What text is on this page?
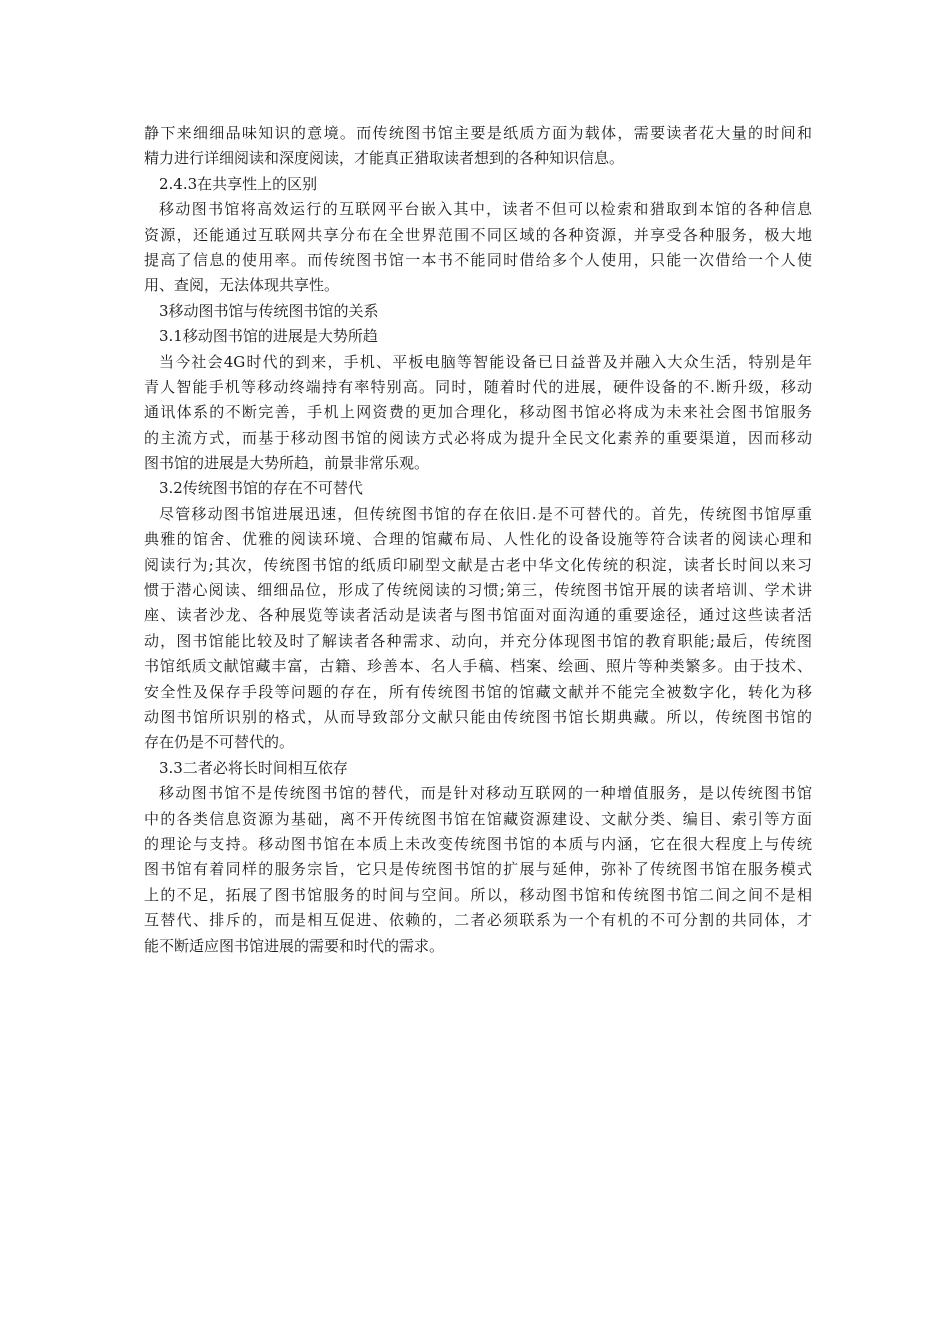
静下来细细品味知识的意境。而传统图书馆主要是纸质方面为载体，需要读者花大量的时间和
精力进行详细阅读和深度阅读，才能真正猎取读者想到的各种知识信息。
2.4.3在共享性上的区别
移动图书馆将高效运行的互联网平台嵌入其中，读者不但可以检索和猎取到本馆的各种信息
资源，还能通过互联网共享分布在全世界范围不同区域的各种资源，并享受各种服务，极大地
提高了信息的使用率。而传统图书馆一本书不能同时借给多个人使用，只能一次借给一个人使
用、查阅，无法体现共享性。
3移动图书馆与传统图书馆的关系
3.1移动图书馆的进展是大势所趋
当今社会4G时代的到来，手机、平板电脑等智能设备已日益普及并融入大众生活，特别是年
青人智能手机等移动终端持有率特别高。同时，随着时代的进展，硬件设备的不.断升级，移动
通讯体系的不断完善，手机上网资费的更加合理化，移动图书馆必将成为未来社会图书馆服务
的主流方式，而基于移动图书馆的阅读方式必将成为提升全民文化素养的重要渠道，因而移动
图书馆的进展是大势所趋，前景非常乐观。
3.2传统图书馆的存在不可替代
尽管移动图书馆进展迅速，但传统图书馆的存在依旧.是不可替代的。首先，传统图书馆厚重
典雅的馆舍、优雅的阅读环境、合理的馆藏布局、人性化的设备设施等符合读者的阅读心理和
阅读行为;其次，传统图书馆的纸质印刷型文献是古老中华文化传统的积淀，读者长时间以来习
惯于潜心阅读、细细品位，形成了传统阅读的习惯;第三，传统图书馆开展的读者培训、学术讲
座、读者沙龙、各种展览等读者活动是读者与图书馆面对面沟通的重要途径，通过这些读者活
动，图书馆能比较及时了解读者各种需求、动向，并充分体现图书馆的教育职能;最后，传统图
书馆纸质文献馆藏丰富，古籍、珍善本、名人手稿、档案、绘画、照片等种类繁多。由于技术、
安全性及保存手段等问题的存在，所有传统图书馆的馆藏文献并不能完全被数字化，转化为移
动图书馆所识别的格式，从而导致部分文献只能由传统图书馆长期典藏。所以，传统图书馆的
存在仍是不可替代的。
3.3二者必将长时间相互依存
移动图书馆不是传统图书馆的替代，而是针对移动互联网的一种增值服务，是以传统图书馆
中的各类信息资源为基础，离不开传统图书馆在馆藏资源建设、文献分类、编目、索引等方面
的理论与支持。移动图书馆在本质上未改变传统图书馆的本质与内涵，它在很大程度上与传统
图书馆有着同样的服务宗旨，它只是传统图书馆的扩展与延伸，弥补了传统图书馆在服务模式
上的不足，拓展了图书馆服务的时间与空间。所以，移动图书馆和传统图书馆二间之间不是相
互替代、排斥的，而是相互促进、依赖的，二者必须联系为一个有机的不可分割的共同体，才
能不断适应图书馆进展的需要和时代的需求。
